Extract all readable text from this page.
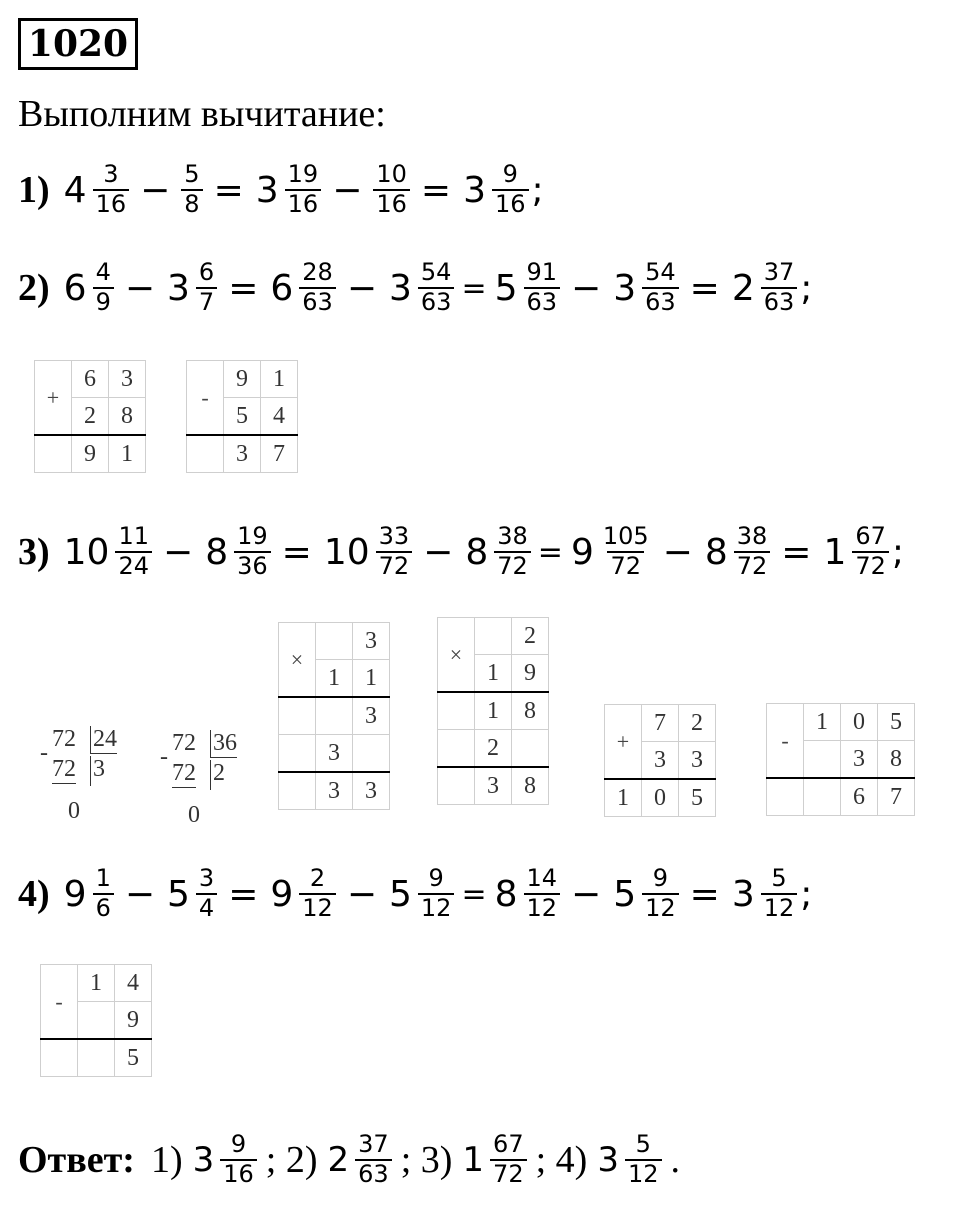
1020
Выполним вычитание:
1) $4 \frac{3}{16} - \frac{5}{8} = 3 \frac{19}{16} - \frac{10}{16} = 3 \frac{9}{16}$ ;
2) $6 \frac{4}{9} - 3 \frac{6}{7} = 6 \frac{28}{63} - 3 \frac{54}{63} = 5 \frac{91}{63} - 3 \frac{54}{63} = 2 \frac{37}{63}$ ;
3) $10 \frac{11}{24} - 8 \frac{19}{36} = 10 \frac{33}{72} - 8 \frac{38}{72} = 9 \frac{105}{72} - 8 \frac{38}{72} = 1 \frac{67}{72}$ ;
4) $9 \frac{1}{6} - 5 \frac{3}{4} = 9 \frac{2}{12} - 5 \frac{9}{12} = 8 \frac{14}{12} - 5 \frac{9}{12} = 3 \frac{5}{12}$ ;
+	6	3
	2	8
	9	1
-	9	1
	5	4
	3	7
-
72 24
72 3
0
-
72 36
72 2
0
×		3
	1	1
		3
	3	
	3	3
×		2
	1	9
	1	8
	2	
	3	8
+	7	2
	3	3
1	0	5
-	1	0	5
		3	8
		6	7
-	1	4
		9
		5
Ответ: 1) $3 \frac{9}{16}$ ; 2) $2 \frac{37}{63}$ ; 3) $1 \frac{67}{72}$ ; 4) $3 \frac{5}{12}$ .
